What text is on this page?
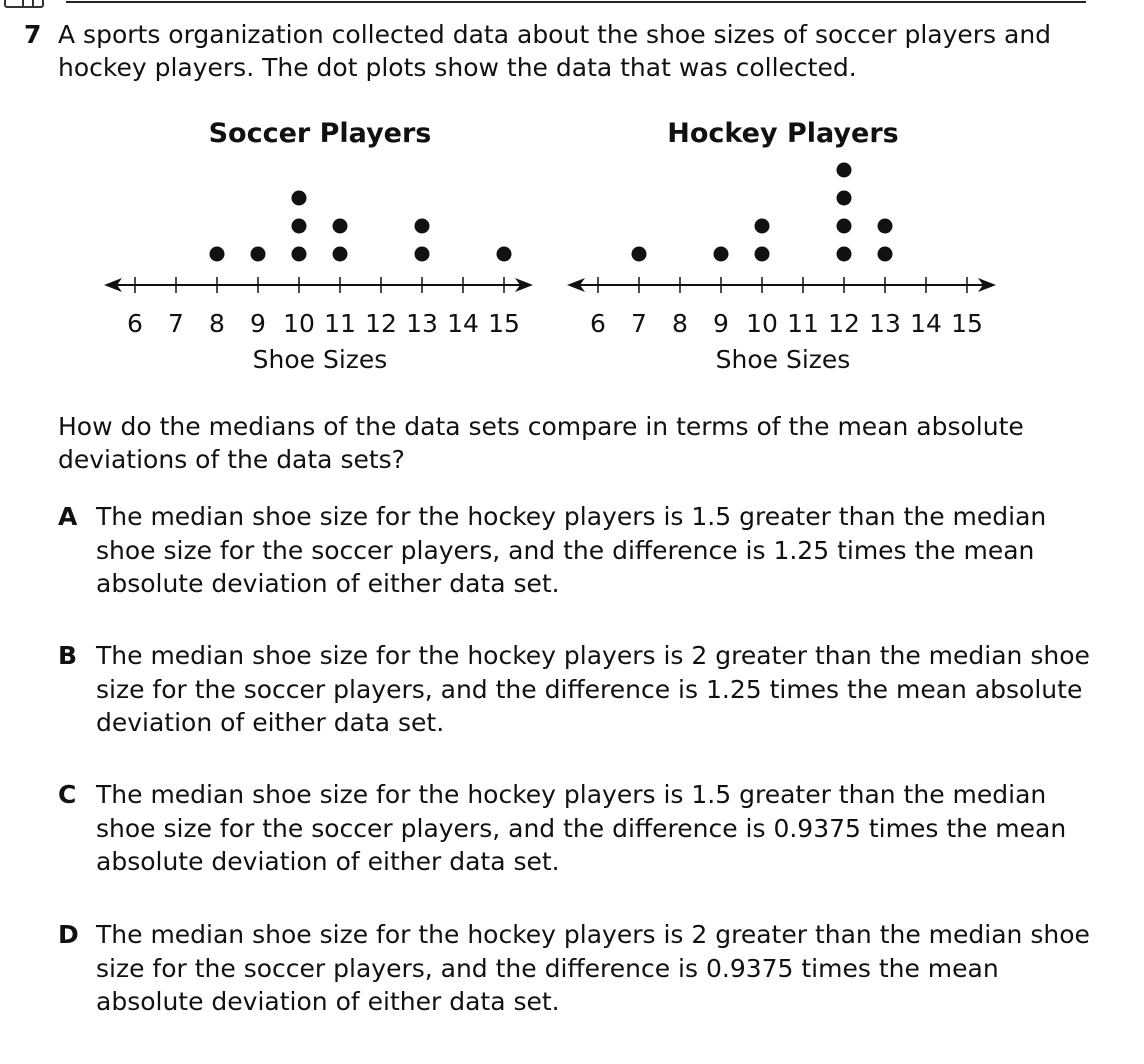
7 A sports organization collected data about the shoe sizes of soccer players and hockey players. The dot plots show the data that was collected.
Soccer Players
6 7 8 9 10 11 12 13 14 15
Shoe Sizes
Hockey Players
6 7 8 9 10 11 12 13 14 15
Shoe Sizes
How do the medians of the data sets compare in terms of the mean absolute deviations of the data sets?
A The median shoe size for the hockey players is 1.5 greater than the median shoe size for the soccer players, and the difference is 1.25 times the mean absolute deviation of either data set.
B The median shoe size for the hockey players is 2 greater than the median shoe size for the soccer players, and the difference is 1.25 times the mean absolute deviation of either data set.
C The median shoe size for the hockey players is 1.5 greater than the median shoe size for the soccer players, and the difference is 0.9375 times the mean absolute deviation of either data set.
D The median shoe size for the hockey players is 2 greater than the median shoe size for the soccer players, and the difference is 0.9375 times the mean absolute deviation of either data set.
